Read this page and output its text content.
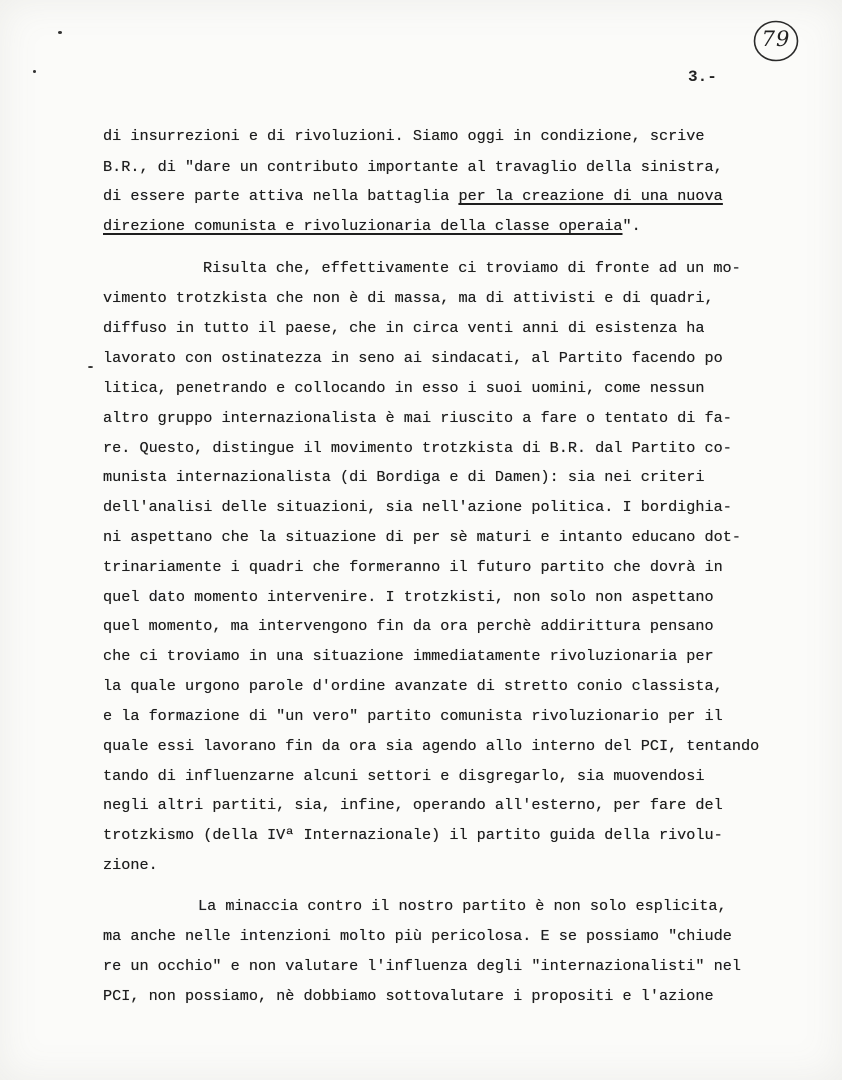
79
3.-
di insurrezioni e di rivoluzioni. Siamo oggi in condizione, scrive
B.R., di "dare un contributo importante al travaglio della sinistra,
di essere parte attiva nella battaglia per la creazione di una nuova
direzione comunista e rivoluzionaria della classe operaia".
Risulta che, effettivamente ci troviamo di fronte ad un mo-
vimento trotzkista che non è di massa, ma di attivisti e di quadri,
diffuso in tutto il paese, che in circa venti anni di esistenza ha
lavorato con ostinatezza in seno ai sindacati, al Partito facendo po
litica, penetrando e collocando in esso i suoi uomini, come nessun
altro gruppo internazionalista è mai riuscito a fare o tentato di fa-
re. Questo, distingue il movimento trotzkista di B.R. dal Partito co-
munista internazionalista (di Bordiga e di Damen): sia nei criteri
dell'analisi delle situazioni, sia nell'azione politica. I bordighia-
ni aspettano che la situazione di per sè maturi e intanto educano dot-
trinariamente i quadri che formeranno il futuro partito che dovrà in
quel dato momento intervenire. I trotzkisti, non solo non aspettano
quel momento, ma intervengono fin da ora perchè addirittura pensano
che ci troviamo in una situazione immediatamente rivoluzionaria per
la quale urgono parole d'ordine avanzate di stretto conio classista,
e la formazione di "un vero" partito comunista rivoluzionario per il
quale essi lavorano fin da ora sia agendo allo interno del PCI, tentando
tando di influenzarne alcuni settori e disgregarlo, sia muovendosi
negli altri partiti, sia, infine, operando all'esterno, per fare del
trotzkismo (della IVª Internazionale) il partito guida della rivolu-
zione.
La minaccia contro il nostro partito è non solo esplicita,
ma anche nelle intenzioni molto più pericolosa. E se possiamo "chiude
re un occhio" e non valutare l'influenza degli "internazionalisti" nel
PCI, non possiamo, nè dobbiamo sottovalutare i propositi e l'azione
